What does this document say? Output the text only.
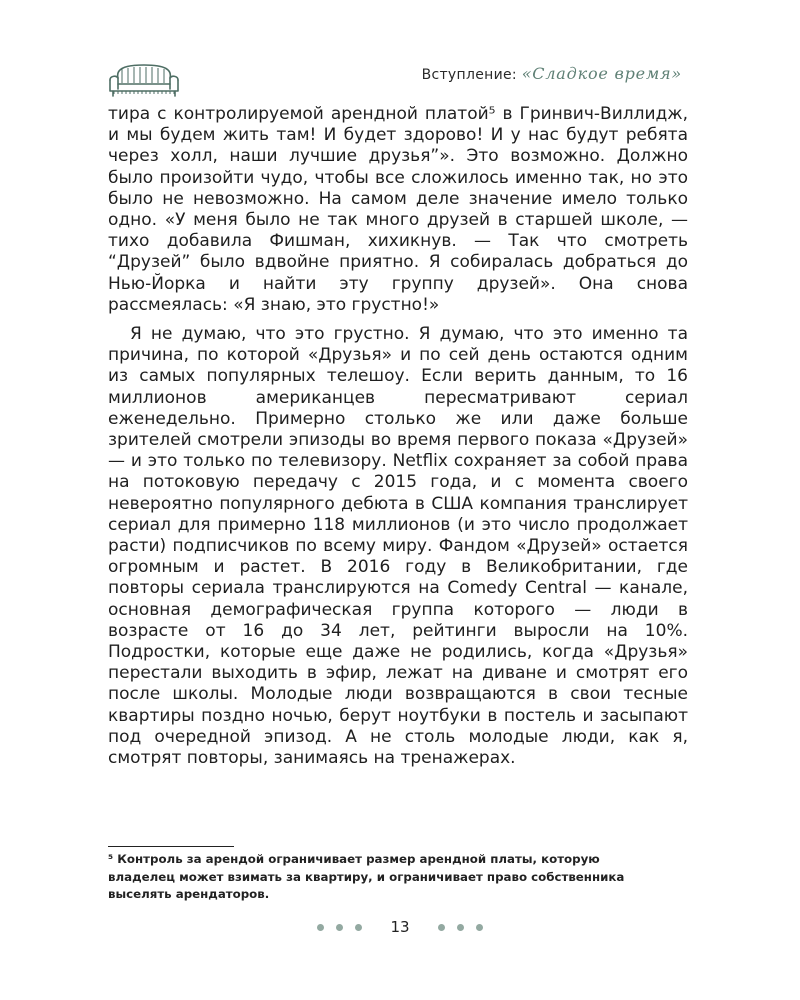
Вступление: «Сладкое время»

тира с контролируемой арендной платой⁵ в Гринвич-Виллидж, и мы будем жить там! И будет здорово! И у нас будут ребята через холл, наши лучшие друзья”». Это возможно. Должно было произойти чудо, чтобы все сложилось именно так, но это было не невозможно. На самом деле значение имело только одно. «У меня было не так много друзей в старшей школе, — тихо добавила Фишман, хихикнув. — Так что смотреть “Друзей” было вдвойне приятно. Я собиралась добраться до Нью-Йорка и найти эту группу друзей». Она снова рассмеялась: «Я знаю, это грустно!»

Я не думаю, что это грустно. Я думаю, что это именно та причина, по которой «Друзья» и по сей день остаются одним из самых популярных телешоу. Если верить данным, то 16 миллионов американцев пересматривают сериал еженедельно. Примерно столько же или даже больше зрителей смотрели эпизоды во время первого показа «Друзей» — и это только по телевизору. Netflix сохраняет за собой права на потоковую передачу с 2015 года, и с момента своего невероятно популярного дебюта в США компания транслирует сериал для примерно 118 миллионов (и это число продолжает расти) подписчиков по всему миру. Фандом «Друзей» остается огромным и растет. В 2016 году в Великобритании, где повторы сериала транслируются на Comedy Central — канале, основная демографическая группа которого — люди в возрасте от 16 до 34 лет, рейтинги выросли на 10%. Подростки, которые еще даже не родились, когда «Друзья» перестали выходить в эфир, лежат на диване и смотрят его после школы. Молодые люди возвращаются в свои тесные квартиры поздно ночью, берут ноутбуки в постель и засыпают под очередной эпизод. А не столь молодые люди, как я, смотрят повторы, занимаясь на тренажерах.

⁵ Контроль за арендой ограничивает размер арендной платы, которую владелец может взимать за квартиру, и ограничивает право собственника выселять арендаторов.
13
